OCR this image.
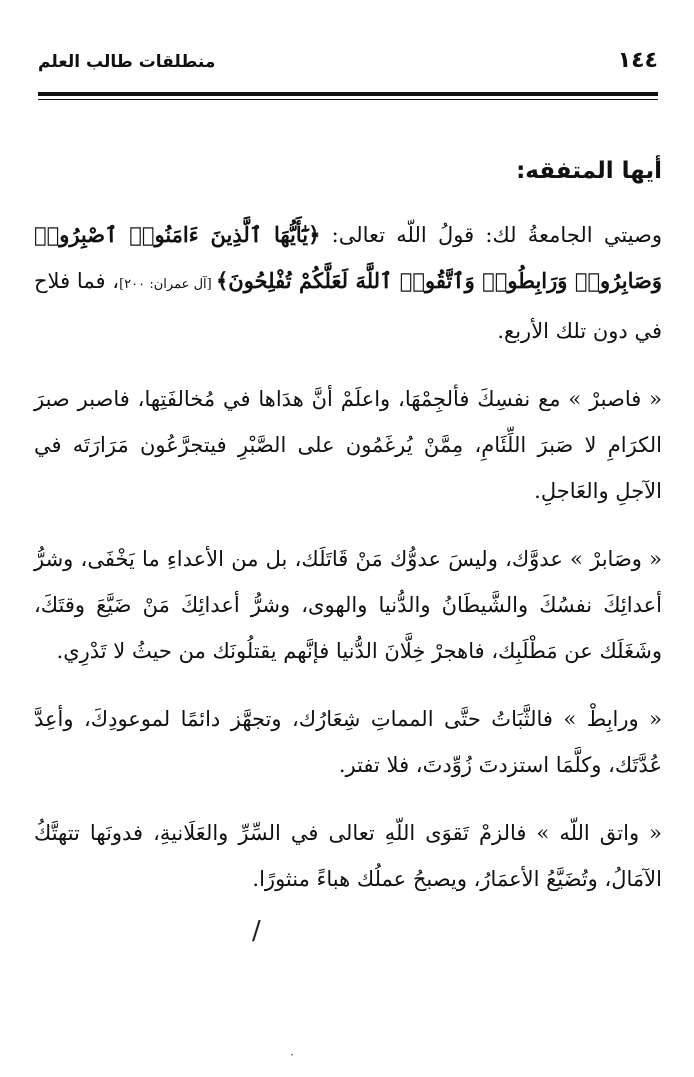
منطلقات طالب العلم	١٤٤
أيها المتفقه:

وصيتي الجامعةُ لك: قولُ اللّه تعالى: ﴿يَٰٓأَيُّهَا ٱلَّذِينَ ءَامَنُوا۟ ٱصْبِرُوا۟ وَصَابِرُوا۟ وَرَابِطُوا۟ وَٱتَّقُوا۟ ٱللَّهَ لَعَلَّكُمْ تُفْلِحُونَ﴾ [آل عمران: ٢٠٠]، فما فلاح في دون تلك الأربع.

« فاصبرْ » مع نفسِكَ فألجِمْهَا، واعلَمْ أنَّ هدَاها في مُخالفَتِها، فاصبر صبرَ الكرَامِ لا صَبرَ اللِّئَامِ، مِمَّنْ يُرغَمُون على الصَّبْرِ فيتجرَّعُون مَرَارَتَه في الآجلِ والعَاجلِ.

« وصَابرْ » عدوَّك، وليسَ عدوُّك مَنْ قَاتَلَك، بل من الأعداءِ ما يَخْفَى، وشرُّ أعدائِكَ نفسُكَ والشَّيطَانُ والدُّنيا والهوى، وشرُّ أعدائِكَ مَنْ ضَيَّعَ وقتَكَ، وشَغَلَك عن مَطْلَبِك، فاهجرْ خِلَّانَ الدُّنيا فإنَّهم يقتلُونَك من حيثُ لا تَدْرِي.

« ورابِطْ » فالثَّبَاتُ حتَّى المماتِ شِعَارُك، وتجهَّز دائمًا لموعودِكَ، وأعِدَّ عُدَّتَك، وكلَّمَا استزدتَ زُوِّدتَ، فلا تفتر.

« واتق اللّه » فالزمْ تَقوَى اللّهِ تعالى في السِّرِّ والعَلَانيةِ، فدونَها تتهتَّكُ الآمَالُ، وتُضَيَّعُ الأعمَارُ، ويصبحُ عملُك هباءً منثورًا.

/
·
